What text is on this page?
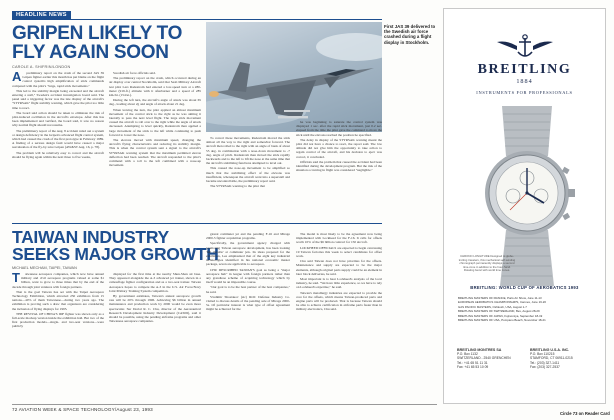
HEADLINE NEWS
GRIPEN LIKELY TO FLY AGAIN SOON
CAROLE A. SHIFRIN/LONDON
A	preliminary report on the crash of the second JAS 39 Gripen fighter earlier this month has put blame on the flight control system's high amplification of stick commands compared with the pilot's "large, rapid stick movements."

This led to the stability margin being exceeded and the aircraft entering a stall," Sweden's accident investigation board said. The panel said a triggering factor was the late display of the aircraft's "STYRSAK" flight stability warning, which gave the pilot too little time to react.

The board said action should be taken to eliminate the risk of pilot-induced oscillation in the aircraft's envelope. After this has been implemented and verified, the board said, it saw no reason why normal flight should not resume.

The preliminary report of the Aug. 8 accident ruled out a system or design deficiency in the Gripen's advanced flight control system, which had caused the crash of the first prototype in February 1989. A finding of a serious design fault would have caused a major reevaluation of the fly-by-wire Gripen (AW&ST Aug. 16, p. 78).

The problem will be relatively easy to correct and the aircraft should be flying again within the next three to five weeks,

Swedish air force officials said.

The preliminary report on the crash, which occurred during an air display over central Stockholm, said that Saab Military Aircraft test pilot Lars Radestrom had entered a low-speed turn at a 280-meter (919-ft.) altitude with it afterburner and a speed of 285 km./hr. (154 kt.).

During the left turn, the aircraft's angle of attack was about 65 deg., loading about 2g and angle of attack about 21 deg.

When leaving the turn, the pilot applied an almost maximum movement of the control stick to the right as he was aiming it laterally to pass the next level flight. The large stick movement caused the aircraft to roll over to the right while the angle of attack decreased. Attempting to level quickly, Radestrom then applied a large movement of the stick to the left while continuing to push forward to lower the nose.

The elevons moved with maximum speed, changing the aircraft's flying characteristics and reducing its stability margin. This is when the control system sent a signal to the aircraft's STYRSAK warning system that the maximum permitted elevon deflection had been reached. The aircraft responded to the pilot's command with a roll to the left combined with a nose-up movement.

First JAS 39 delivered to the Swedish air force crashed during a flight display in Stockholm.

To correct these movements, Radestrom moved the stick almost all the way to the right and somewhat forward. The aircraft then rolled to the right with an angle of bank of about 55 deg. in combination with a nose-down movement to -7 deg. angle of pitch. Radestrom then moved the stick rapidly backwards and to the left to lift the nose at the same time that the aircraft's stabilizing functions attempted to level out.

This caused the nose-up movement to be amplified so much that the stabilizing effect of the elevons was insufficient, whereupon the aircraft went into a superstall and became uncontrollable, the preliminary report said.

The STYRSAK warning to the pilot that

he was beginning to saturate the control system was displayed 1 sec. after the rapid stick movement, just 0.2 sec. elapsed from the time the pilot gave the command to move the stick until the elevons reached the position he specified.

The delay in display of the STYRSAK warning meant the pilot did not have a chance to react, the report said. The low altitude did not give him the opportunity to take action to regain control of the aircraft, and his decision to eject was correct, it concluded.

Officials said the problem that caused the accident had been identified during the development program. But the risk of the situation occurring in flight was considered "negligible."

TAIWAN INDUSTRY SEEKS MAJOR GROWTH
MICHAEL MECHAM, TAIPEI, TAIWAN
T	aiwanese aerospace companies, which now have annual military and civil aerospace programs valued at some $1 billion, want to grow to three times that by the end of the decade through joint ventures with foreign partners.

That is the goal Taiwan has set with the Taipei Aerospace Technology Exhibition, which attracted 230 exhibitors from 15 nations—40% of them Taiwanese—during two years ago. The exhibition is proving such a draw that organizers are considering the inclusion of flying displays for 1995.

THE REVIVAL OF CHINA'S IDF fighter was shown only as a full-scale mockup version inside the exhibition hall. But two of the first production models—single- and two-seat versions—were publicly

displayed for the first time at the nearby Shun-Shan air base. They appeared alongside the A-3 advanced jet trainer, shown in a camouflage fighter configuration and as a two-seat trainer. Taiwan Aerospace hopes to compete the A-3 in the U.S. Air Force/Navy Joint Primary Training System competition.

By government estimates, Taiwan's annual aerospace growth rate will be 20% through 1996. Achieving $6 billion in annual maintenance and production work by 2000 would be even more spectacular. Sur Dorial R. C. Chu, director of the Aeronautical Research Development Industry Development (CASID), said it should be possible, using the pending airframe programs and other Taiwanese aerospace companies.

gional commuter jet and the pending F-16 and Mirage 2000-5 fighter acquisition programs.

Specifically, the government agency charged with promoting Taiwan aerospace development, has been looking 'full throttle' at commuter jets. Its ideas prepared for the exhibition, Lee emphasized that of the eight key industrial technologies identified in his national economic master package, seven are applicable to aerospace.

CHU DESCRIBED TAIWAN'S goal as being a "major aerospace hub" in league with foreign partners rather than any grandiose scheme of acquiring technology which by itself would be an impossible course.

"Our goal is to be the best partner of the best companies," he said.

Vladimir Shostakov (sic) ROC Defense Industry Co. visited to discuss details of the pending sale of Mirage 2000-5s. Of particular interest is what type of offset agreement might be achieved for the

The model is most likely to be the agreement now being implemented with Lockheed for the F-16. It calls for offsets worth 10% of the $6 billion contract for 150 aircraft.

LOCKHEED OFFICIALS are expected to begin canvassing 19 Taiwan factories this week to select candidates for offset work.

Chu said Taiwan does not have priorities for the offsets. Maintenance and supply are expected to be the major elements, although original parts supply could be an element in later block deliveries, he said.

Most important is to hear Lockheed's analysis of the local industry, he said. "We have little experience, so we have to rely on Lockheed's expertise," he said.

Taiwan's metallurgy industries are expected to provide the core for the offsets, which means Taiwan-produced parts and engine parts will be produced. That is because Taiwan should be able to achieve certification in airframe parts faster than in military electronics, Chu said.

72 AVIATION WEEK & SPACE TECHNOLOGY/August 23, 1993
BREITLING
1884
INSTRUMENTS FOR PROFESSIONALS
CHRONO LONGITUDE Designed to globe-trotting travelers, this mechanical self-winding chronograph permanently displays a second time-zone in addition to the hour-hand. Rotating bezel with world time zones.
BREITLING: WORLD CUP OF AEROBATICS 1993
BREITLING MASTERS OF FRANCE, Paris Air Show, June 11-13
EUROPEAN AEROBATICS CHAMPIONSHIPS, Cannes, June 16-20
GAS PACIFIC MASTERS, Oshkosh, USA, August 1-7
BREITLING MASTERS OF SWITZERLAND, Bex, August 28-29
BREITLING MASTERS OF JAPAN, Fujinomiya, September 18-19
BREITLING MASTERS OF USA, Pompano Beach, November 18-21
BREITLING MONTRES SA
P.O. Box 1132
SWITZERLAND - 2540 GRENCHEN
Tel.: +41 65 51 11 31
Fax: +41 65 53 10 09
BREITLING U.S.A. INC.
P.O. Box 110215
STAMFORD, CT 06911-0215
Tel.: (203) 327-1411
Fax: (203) 327-2537
Circle 73 on Reader Card
